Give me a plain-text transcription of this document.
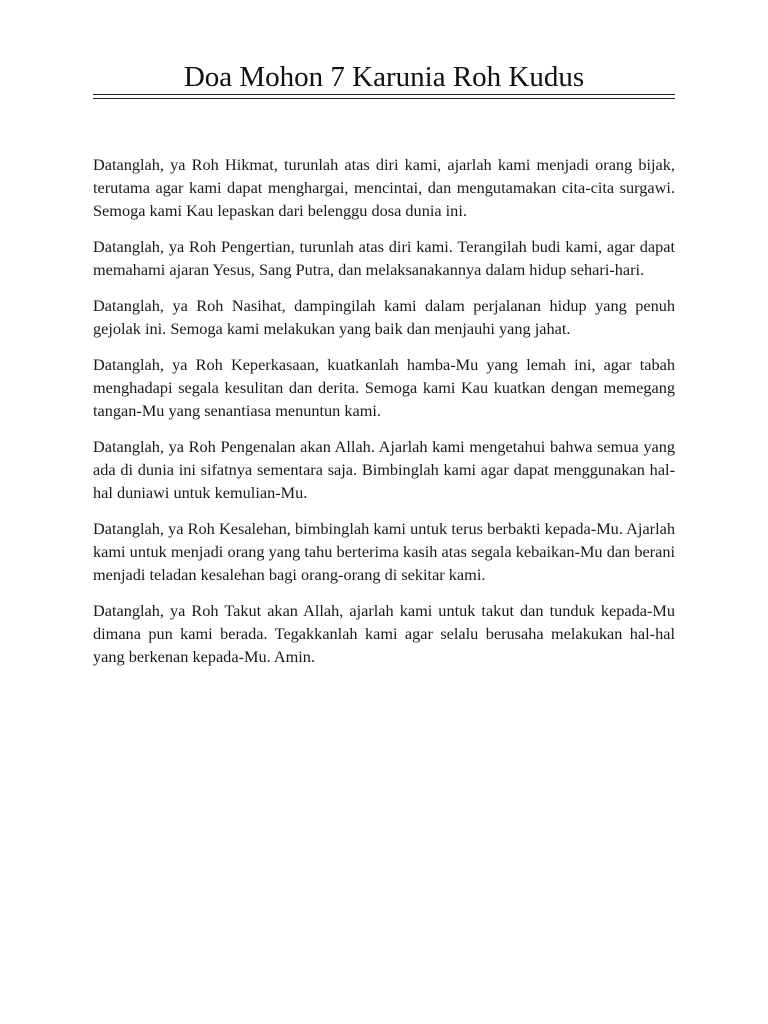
Doa Mohon 7 Karunia Roh Kudus

Datanglah, ya Roh Hikmat, turunlah atas diri kami, ajarlah kami menjadi orang bijak, terutama agar kami dapat menghargai, mencintai, dan mengutamakan cita-cita surgawi. Semoga kami Kau lepaskan dari belenggu dosa dunia ini.

Datanglah, ya Roh Pengertian, turunlah atas diri kami. Terangilah budi kami, agar dapat memahami ajaran Yesus, Sang Putra, dan melaksanakannya dalam hidup sehari-hari.

Datanglah, ya Roh Nasihat, dampingilah kami dalam perjalanan hidup yang penuh gejolak ini. Semoga kami melakukan yang baik dan menjauhi yang jahat.

Datanglah, ya Roh Keperkasaan, kuatkanlah hamba-Mu yang lemah ini, agar tabah menghadapi segala kesulitan dan derita. Semoga kami Kau kuatkan dengan memegang tangan-Mu yang senantiasa menuntun kami.

Datanglah, ya Roh Pengenalan akan Allah. Ajarlah kami mengetahui bahwa semua yang ada di dunia ini sifatnya sementara saja. Bimbinglah kami agar dapat menggunakan hal-hal duniawi untuk kemulian-Mu.

Datanglah, ya Roh Kesalehan, bimbinglah kami untuk terus berbakti kepada-Mu. Ajarlah kami untuk menjadi orang yang tahu berterima kasih atas segala kebaikan-Mu dan berani menjadi teladan kesalehan bagi orang-orang di sekitar kami.

Datanglah, ya Roh Takut akan Allah, ajarlah kami untuk takut dan tunduk kepada-Mu dimana pun kami berada. Tegakkanlah kami agar selalu berusaha melakukan hal-hal yang berkenan kepada-Mu. Amin.
